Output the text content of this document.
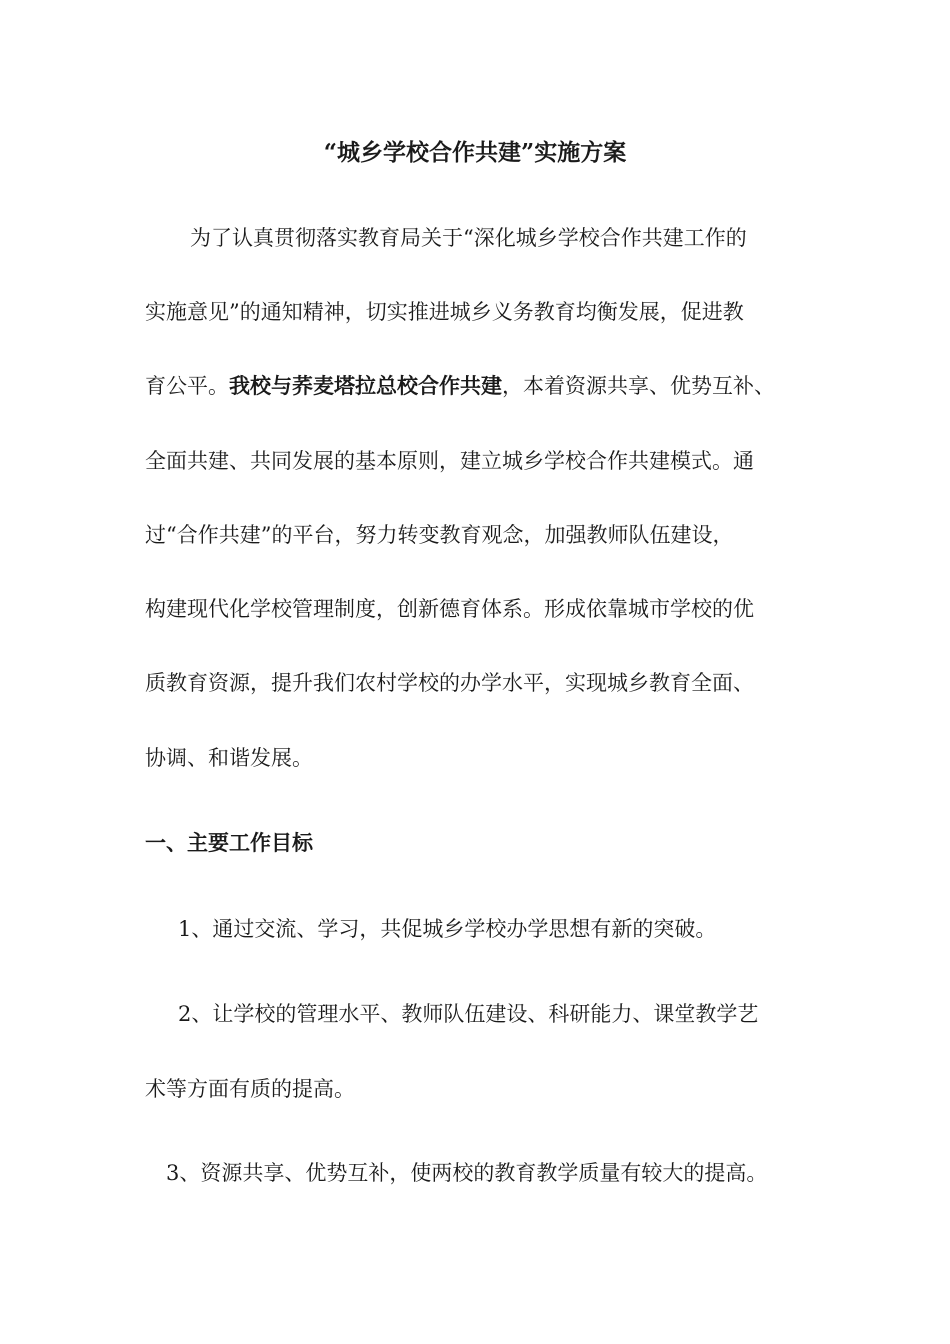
“城乡学校合作共建”实施方案

为了认真贯彻落实教育局关于“深化城乡学校合作共建工作的

实施意见”的通知精神，切实推进城乡义务教育均衡发展，促进教

育公平。我校与荞麦塔拉总校合作共建，本着资源共享、优势互补、

全面共建、共同发展的基本原则，建立城乡学校合作共建模式。通

过“合作共建”的平台，努力转变教育观念，加强教师队伍建设，

构建现代化学校管理制度，创新德育体系。形成依靠城市学校的优

质教育资源，提升我们农村学校的办学水平，实现城乡教育全面、

协调、和谐发展。

一、主要工作目标

1、通过交流、学习，共促城乡学校办学思想有新的突破。

2、让学校的管理水平、教师队伍建设、科研能力、课堂教学艺

术等方面有质的提高。

3、资源共享、优势互补，使两校的教育教学质量有较大的提高。
